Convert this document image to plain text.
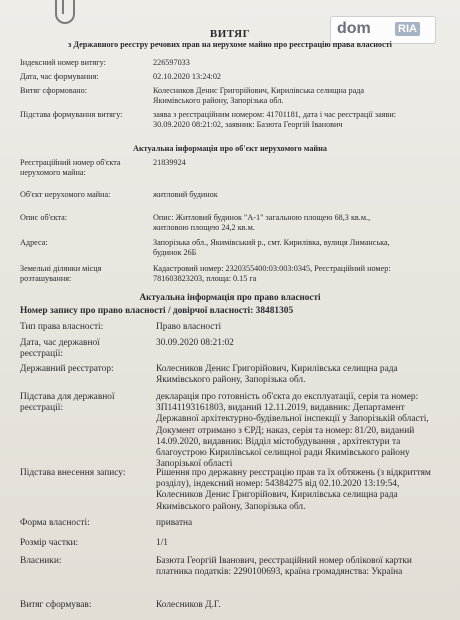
dom RIA
ВИТЯГ
з Державного реєстру речових прав на нерухоме майно про реєстрацію права власності
Індексний номер витягу:	226597033
Дата, час формування:	02.10.2020 13:24:02
Витяг сформовано:	Колесников Денис Григорійович, Кирилівська селищна рада
Якимівського району, Запорізька обл.
Підстава формування витягу:	заява з реєстраційним номером: 41701181, дата і час реєстрації заяви:
30.09.2020 08:21:02, заявник: Базюта Георгій Іванович
Актуальна інформація про об'єкт нерухомого майна
Реєстраційний номер об'єкта нерухомого майна:
21839924
Об'єкт нерухомого майна:	житловий будинок
Опис об'єкта:	Опис: Житловий будинок "А-1" загальною площею 68,3 кв.м.,
житловою площею 24,2 кв.м.
Адреса:	Запорізька обл., Якимівський р., смт. Кирилівка, вулиця Лиманська,
будинок 26Б
Земельні ділянки місця розташування:
Кадастровий номер: 2320355400:03:003:0345, Реєстраційний номер:
781603823203, площа: 0.15 га
Актуальна інформація про право власності
Номер запису про право власності / довірчої власності: 38481305
Тип права власності:	Право власності
Дата, час державної реєстрації:
30.09.2020 08:21:02
Державний реєстратор:	Колесников Денис Григорійович, Кирилівська селищна рада
Якимівського району, Запорізька обл.
Підстава для державної реєстрації:
декларація про готовність об'єкта до експлуатації, серія та номер:
ЗП141193161803, виданий 12.11.2019, видавник: Департамент
Державної архітектурно-будівельної інспекції у Запорізькій області,
Документ отримано з ЄРД; наказ, серія та номер: 81/20, виданий
14.09.2020, видавник: Відділ містобудування , архітектури та
благоустрою Кирилівської селищної ради Якимівського району
Запорізької області
Підстава внесення запису:	Рішення про державну реєстрацію прав та їх обтяжень (з відкриттям
розділу), індексний номер: 54384275 від 02.10.2020 13:19:54,
Колесников Денис Григорійович, Кирилівська селищна рада
Якимівського району, Запорізька обл.
Форма власності:	приватна
Розмір частки:	1/1
Власники:	Базюта Георгій Іванович, реєстраційний номер облікової картки
платника податків: 2290100693, країна громадянства: Україна
Витяг сформував:	Колесников Д.Г.
